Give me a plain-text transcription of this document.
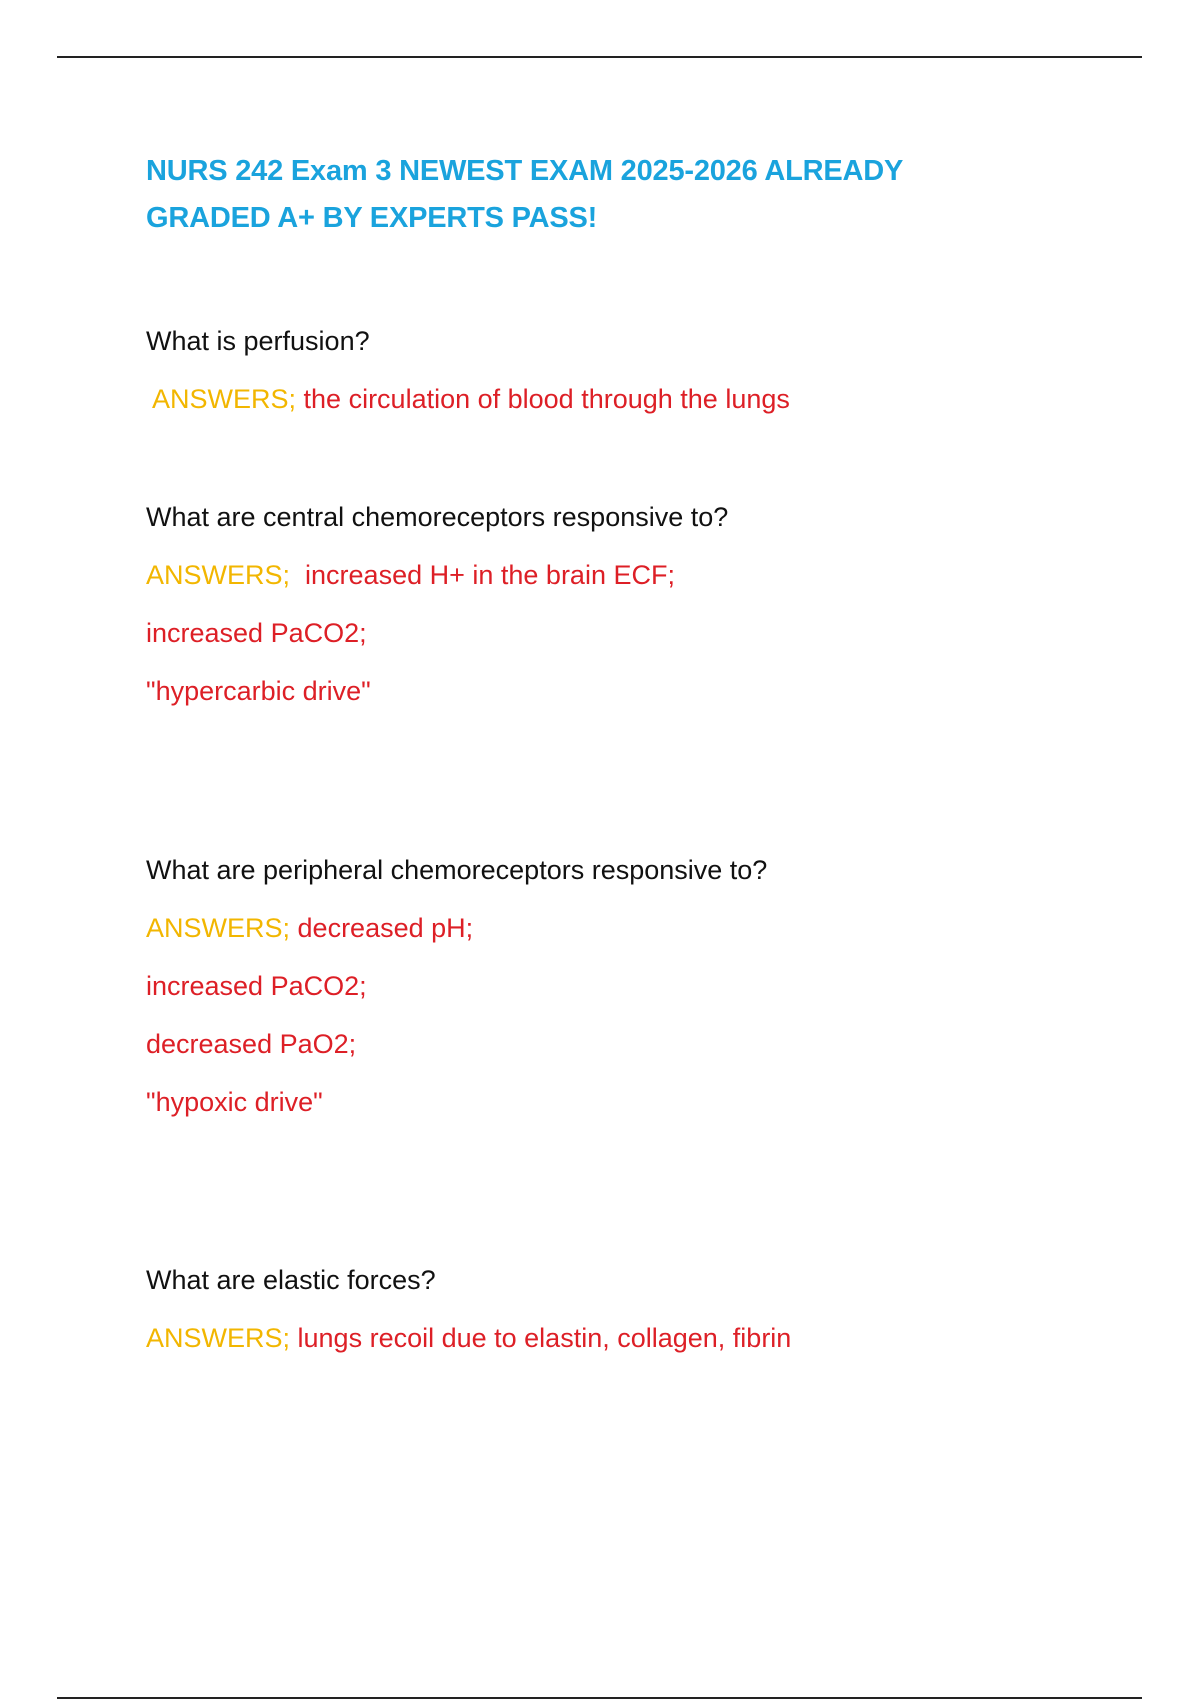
NURS 242 Exam 3 NEWEST EXAM 2025-2026 ALREADY
GRADED A+ BY EXPERTS PASS!

What is perfusion?

ANSWERS; the circulation of blood through the lungs

What are central chemoreceptors responsive to?

ANSWERS;  increased H+ in the brain ECF;

increased PaCO2;

"hypercarbic drive"

What are peripheral chemoreceptors responsive to?

ANSWERS; decreased pH;

increased PaCO2;

decreased PaO2;

"hypoxic drive"

What are elastic forces?

ANSWERS; lungs recoil due to elastin, collagen, fibrin
